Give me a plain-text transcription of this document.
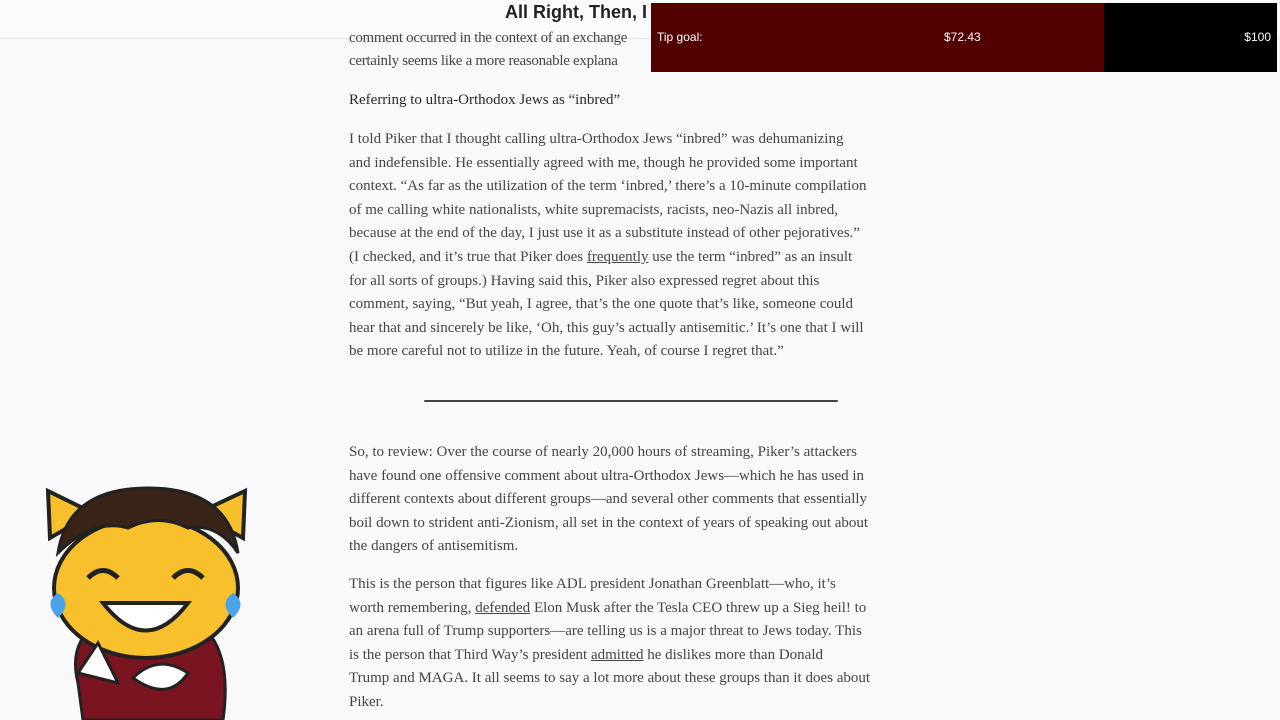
All Right, Then, I
comment occurred in the context of an exchange
certainly seems like a more reasonable explana
Referring to ultra-Orthodox Jews as “inbred”
I told Piker that I thought calling ultra-Orthodox Jews “inbred” was dehumanizing
and indefensible. He essentially agreed with me, though he provided some important
context. “As far as the utilization of the term ‘inbred,’ there’s a 10-minute compilation
of me calling white nationalists, white supremacists, racists, neo-Nazis all inbred,
because at the end of the day, I just use it as a substitute instead of other pejoratives.”
(I checked, and it’s true that Piker does frequently use the term “inbred” as an insult
for all sorts of groups.) Having said this, Piker also expressed regret about this
comment, saying, “But yeah, I agree, that’s the one quote that’s like, someone could
hear that and sincerely be like, ‘Oh, this guy’s actually antisemitic.’ It’s one that I will
be more careful not to utilize in the future. Yeah, of course I regret that.”
So, to review: Over the course of nearly 20,000 hours of streaming, Piker’s attackers
have found one offensive comment about ultra-Orthodox Jews—which he has used in
different contexts about different groups—and several other comments that essentially
boil down to strident anti-Zionism, all set in the context of years of speaking out about
the dangers of antisemitism.
This is the person that figures like ADL president Jonathan Greenblatt—who, it’s
worth remembering, defended Elon Musk after the Tesla CEO threw up a Sieg heil! to
an arena full of Trump supporters—are telling us is a major threat to Jews today. This
is the person that Third Way’s president admitted he dislikes more than Donald
Trump and MAGA. It all seems to say a lot more about these groups than it does about
Piker.
Tip goal:	$72.43	$100
